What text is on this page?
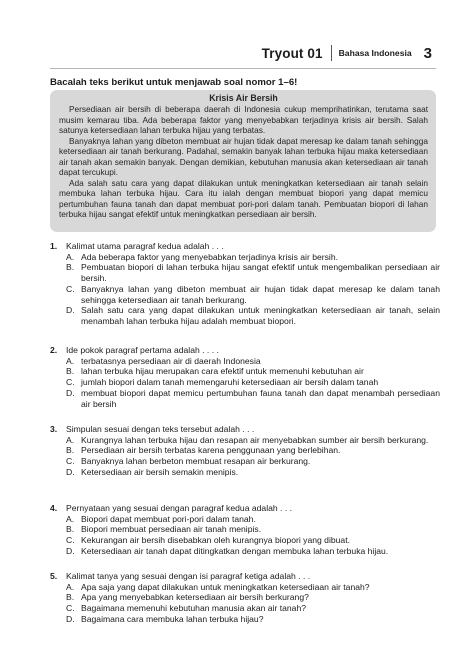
Tryout 01 Bahasa Indonesia 3
Bacalah teks berikut untuk menjawab soal nomor 1–6!
Krisis Air Bersih

Persediaan air bersih di beberapa daerah di Indonesia cukup memprihatinkan, terutama saat musim kemarau tiba. Ada beberapa faktor yang menyebabkan terjadinya krisis air bersih. Salah satunya ketersediaan lahan terbuka hijau yang terbatas.

Banyaknya lahan yang dibeton membuat air hujan tidak dapat meresap ke dalam tanah sehingga ketersediaan air tanah berkurang. Padahal, semakin banyak lahan terbuka hijau maka ketersediaan air tanah akan semakin banyak. Dengan demikian, kebutuhan manusia akan ketersediaan air tanah dapat tercukupi.

Ada salah satu cara yang dapat dilakukan untuk meningkatkan ketersediaan air tanah selain membuka lahan terbuka hijau. Cara itu ialah dengan membuat biopori yang dapat memicu pertumbuhan fauna tanah dan dapat membuat pori-pori dalam tanah. Pembuatan biopori di lahan terbuka hijau sangat efektif untuk meningkatkan persediaan air bersih.

1.	Kalimat utama paragraf kedua adalah . . .
A. Ada beberapa faktor yang menyebabkan terjadinya krisis air bersih.
B. Pembuatan biopori di lahan terbuka hijau sangat efektif untuk mengembalikan persediaan air bersih.
C. Banyaknya lahan yang dibeton membuat air hujan tidak dapat meresap ke dalam tanah sehingga ketersediaan air tanah berkurang.
D. Salah satu cara yang dapat dilakukan untuk meningkatkan ketersediaan air tanah, selain menambah lahan terbuka hijau adalah membuat biopori.
2.	Ide pokok paragraf pertama adalah . . . .
A. terbatasnya persediaan air di daerah Indonesia
B. lahan terbuka hijau merupakan cara efektif untuk memenuhi kebutuhan air
C. jumlah biopori dalam tanah memengaruhi ketersediaan air bersih dalam tanah
D. membuat biopori dapat memicu pertumbuhan fauna tanah dan dapat menambah persediaan air bersih
3.	Simpulan sesuai dengan teks tersebut adalah . . .
A. Kurangnya lahan terbuka hijau dan resapan air menyebabkan sumber air bersih berkurang.
B. Persediaan air bersih terbatas karena penggunaan yang berlebihan.
C. Banyaknya lahan berbeton membuat resapan air berkurang.
D. Ketersediaan air bersih semakin menipis.
4.	Pernyataan yang sesuai dengan paragraf kedua adalah . . .
A. Biopori dapat membuat pori-pori dalam tanah.
B. Biopori membuat persediaan air tanah menipis.
C. Kekurangan air bersih disebabkan oleh kurangnya biopori yang dibuat.
D. Ketersediaan air tanah dapat ditingkatkan dengan membuka lahan terbuka hijau.
5.	Kalimat tanya yang sesuai dengan isi paragraf ketiga adalah . . .
A. Apa saja yang dapat dilakukan untuk meningkatkan ketersediaan air tanah?
B. Apa yang menyebabkan ketersediaan air bersih berkurang?
C. Bagaimana memenuhi kebutuhan manusia akan air tanah?
D. Bagaimana cara membuka lahan terbuka hijau?
